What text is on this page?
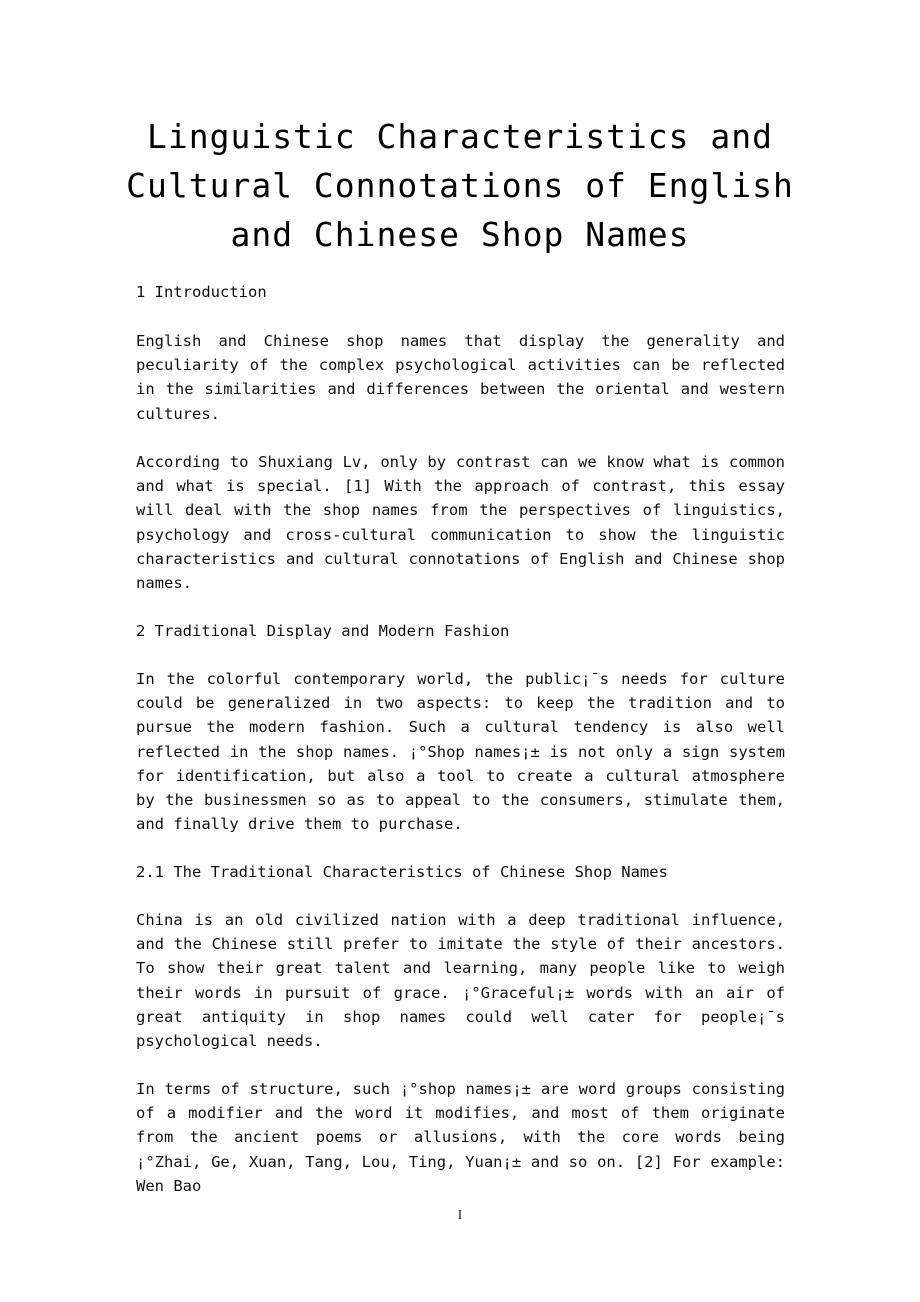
Linguistic Characteristics and Cultural Connotations of English and Chinese Shop Names
1 Introduction

English and Chinese shop names that display the generality and peculiarity of the complex psychological activities can be reflected in the similarities and differences between the oriental and western cultures.

According to Shuxiang Lv, only by contrast can we know what is common and what is special. [1] With the approach of contrast, this essay will deal with the shop names from the perspectives of linguistics, psychology and cross-cultural communication to show the linguistic characteristics and cultural connotations of English and Chinese shop names.

2 Traditional Display and Modern Fashion

In the colorful contemporary world, the public¡¯s needs for culture could be generalized in two aspects: to keep the tradition and to pursue the modern fashion. Such a cultural tendency is also well reflected in the shop names. ¡°Shop names¡± is not only a sign system for identification, but also a tool to create a cultural atmosphere by the businessmen so as to appeal to the consumers, stimulate them, and finally drive them to purchase.

2.1 The Traditional Characteristics of Chinese Shop Names

China is an old civilized nation with a deep traditional influence, and the Chinese still prefer to imitate the style of their ancestors. To show their great talent and learning, many people like to weigh their words in pursuit of grace. ¡°Graceful¡± words with an air of great antiquity in shop names could well cater for people¡¯s psychological needs.

In terms of structure, such ¡°shop names¡± are word groups consisting of a modifier and the word it modifies, and most of them originate from the ancient poems or allusions, with the core words being ¡°Zhai, Ge, Xuan, Tang, Lou, Ting, Yuan¡± and so on. [2] For example: Wen Bao

I
